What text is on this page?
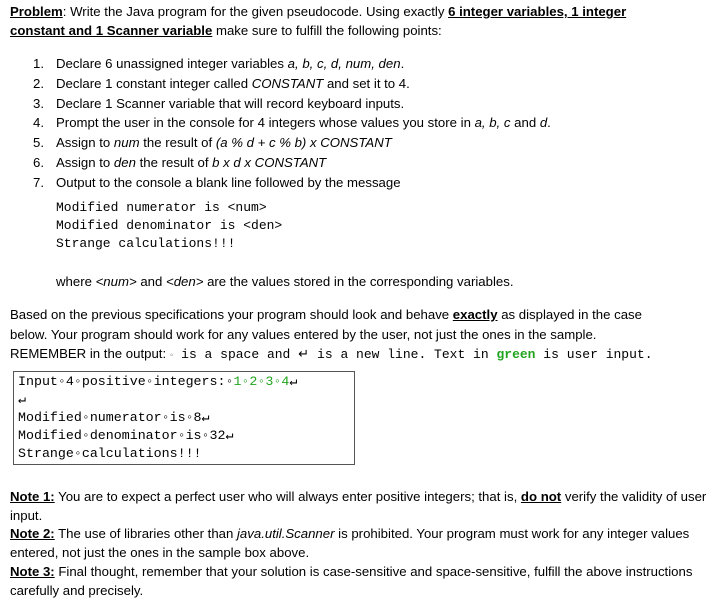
Problem: Write the Java program for the given pseudocode. Using exactly 6 integer variables, 1 integer
constant and 1 Scanner variable make sure to fulfill the following points:
1. Declare 6 unassigned integer variables a, b, c, d, num, den.
2. Declare 1 constant integer called CONSTANT and set it to 4.
3. Declare 1 Scanner variable that will record keyboard inputs.
4. Prompt the user in the console for 4 integers whose values you store in a, b, c and d.
5. Assign to num the result of (a % d + c % b) x CONSTANT
6. Assign to den the result of b x d x CONSTANT
7. Output to the console a blank line followed by the message
Modified numerator is <num>
Modified denominator is <den>
Strange calculations!!!
where <num> and <den> are the values stored in the corresponding variables.
Based on the previous specifications your program should look and behave exactly as displayed in the case
below. Your program should work for any values entered by the user, not just the ones in the sample.
REMEMBER in the output: ◦ is a space and ↵ is a new line. Text in green is user input.
Input◦4◦positive◦integers:◦1◦2◦3◦4↵
↵
Modified◦numerator◦is◦8↵
Modified◦denominator◦is◦32↵
Strange◦calculations!!!

Note 1: You are to expect a perfect user who will always enter positive integers; that is, do not verify the validity of user input.

Note 2: The use of libraries other than java.util.Scanner is prohibited. Your program must work for any integer values entered, not just the ones in the sample box above.

Note 3: Final thought, remember that your solution is case-sensitive and space-sensitive, fulfill the above instructions carefully and precisely.
